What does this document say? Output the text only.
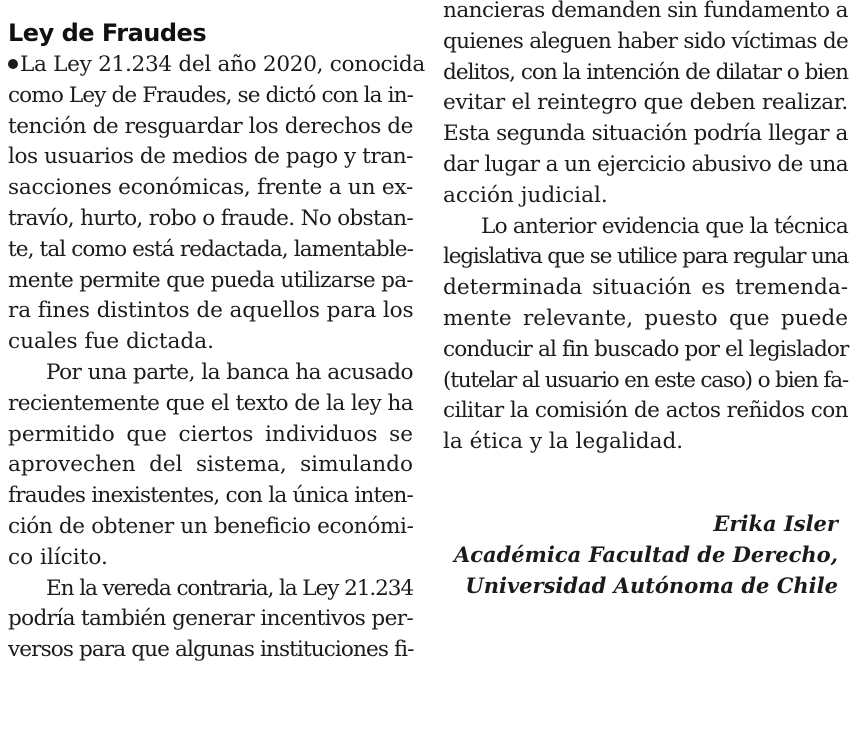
Ley de Fraudes
La Ley 21.234 del año 2020, conocida
como Ley de Fraudes, se dictó con la in-
tención de resguardar los derechos de
los usuarios de medios de pago y tran-
sacciones económicas, frente a un ex-
travío, hurto, robo o fraude. No obstan-
te, tal como está redactada, lamentable-
mente permite que pueda utilizarse pa-
ra fines distintos de aquellos para los
cuales fue dictada.
Por una parte, la banca ha acusado
recientemente que el texto de la ley ha
permitido que ciertos individuos se
aprovechen del sistema, simulando
fraudes inexistentes, con la única inten-
ción de obtener un beneficio económi-
co ilícito.
En la vereda contraria, la Ley 21.234
podría también generar incentivos per-
versos para que algunas instituciones fi-
nancieras demanden sin fundamento a
quienes aleguen haber sido víctimas de
delitos, con la intención de dilatar o bien
evitar el reintegro que deben realizar.
Esta segunda situación podría llegar a
dar lugar a un ejercicio abusivo de una
acción judicial.
Lo anterior evidencia que la técnica
legislativa que se utilice para regular una
determinada situación es tremenda-
mente relevante, puesto que puede
conducir al fin buscado por el legislador
(tutelar al usuario en este caso) o bien fa-
cilitar la comisión de actos reñidos con
la ética y la legalidad.
Erika Isler
Académica Facultad de Derecho,
Universidad Autónoma de Chile
